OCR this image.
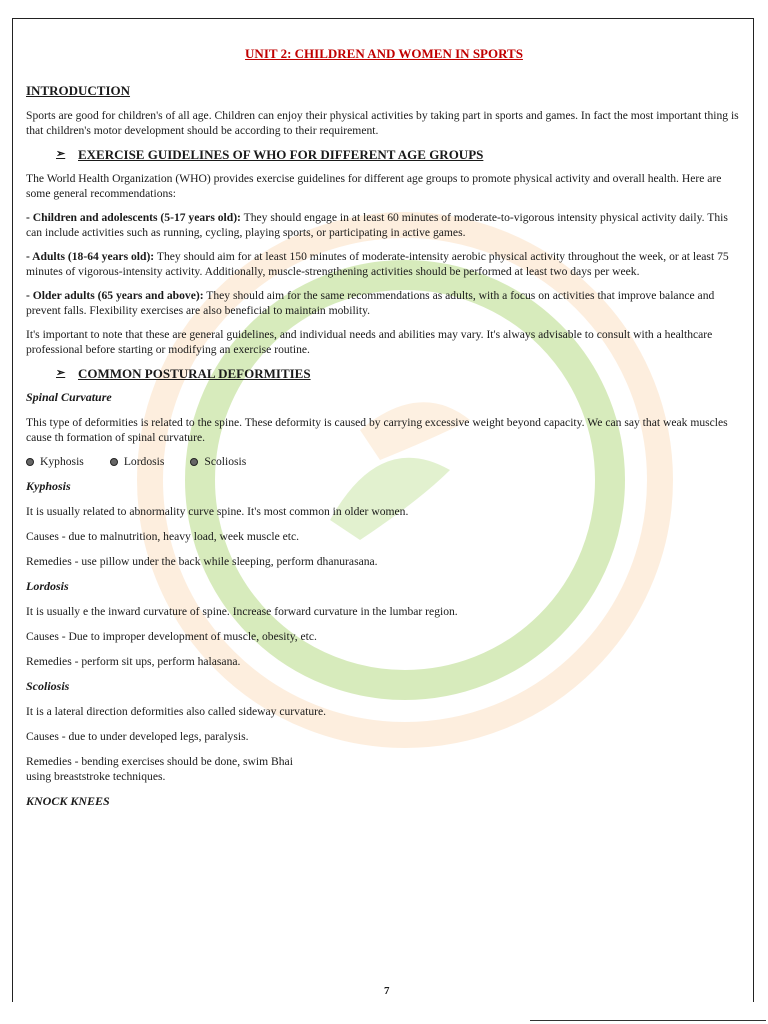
UNIT 2: CHILDREN AND WOMEN IN SPORTS
INTRODUCTION

Sports are good for children's of all age. Children can enjoy their physical activities by taking part in sports and games. In fact the most important thing is that children's motor development should be according to their requirement.

➢ EXERCISE GUIDELINES OF WHO FOR DIFFERENT AGE GROUPS

The World Health Organization (WHO) provides exercise guidelines for different age groups to promote physical activity and overall health. Here are some general recommendations:

- Children and adolescents (5-17 years old): They should engage in at least 60 minutes of moderate-to-vigorous intensity physical activity daily. This can include activities such as running, cycling, playing sports, or participating in active games.

- Adults (18-64 years old): They should aim for at least 150 minutes of moderate-intensity aerobic physical activity throughout the week, or at least 75 minutes of vigorous-intensity activity. Additionally, muscle-strengthening activities should be performed at least two days per week.

- Older adults (65 years and above): They should aim for the same recommendations as adults, with a focus on activities that improve balance and prevent falls. Flexibility exercises are also beneficial to maintain mobility.

It's important to note that these are general guidelines, and individual needs and abilities may vary. It's always advisable to consult with a healthcare professional before starting or modifying an exercise routine.

➢ COMMON POSTURAL DEFORMITIES
Spinal Curvature

This type of deformities is related to the spine. These deformity is caused by carrying excessive weight beyond capacity. We can say that weak muscles cause th formation of spinal curvature.

Kyphosis	Lordosis	Scoliosis
Kyphosis
It is usually related to abnormality curve spine. It's most common in older women.
Causes - due to malnutrition, heavy load, week muscle etc.
Remedies - use pillow under the back while sleeping, perform dhanurasana.
Lordosis
It is usually e the inward curvature of spine. Increase forward curvature in the lumbar region.
Causes - Due to improper development of muscle, obesity, etc.
Remedies - perform sit ups, perform halasana.
Scoliosis
It is a lateral direction deformities also called sideway curvature.
Causes - due to under developed legs, paralysis.
Remedies - bending exercises should be done, swim Bhai
using breaststroke techniques.
KNOCK KNEES
7
